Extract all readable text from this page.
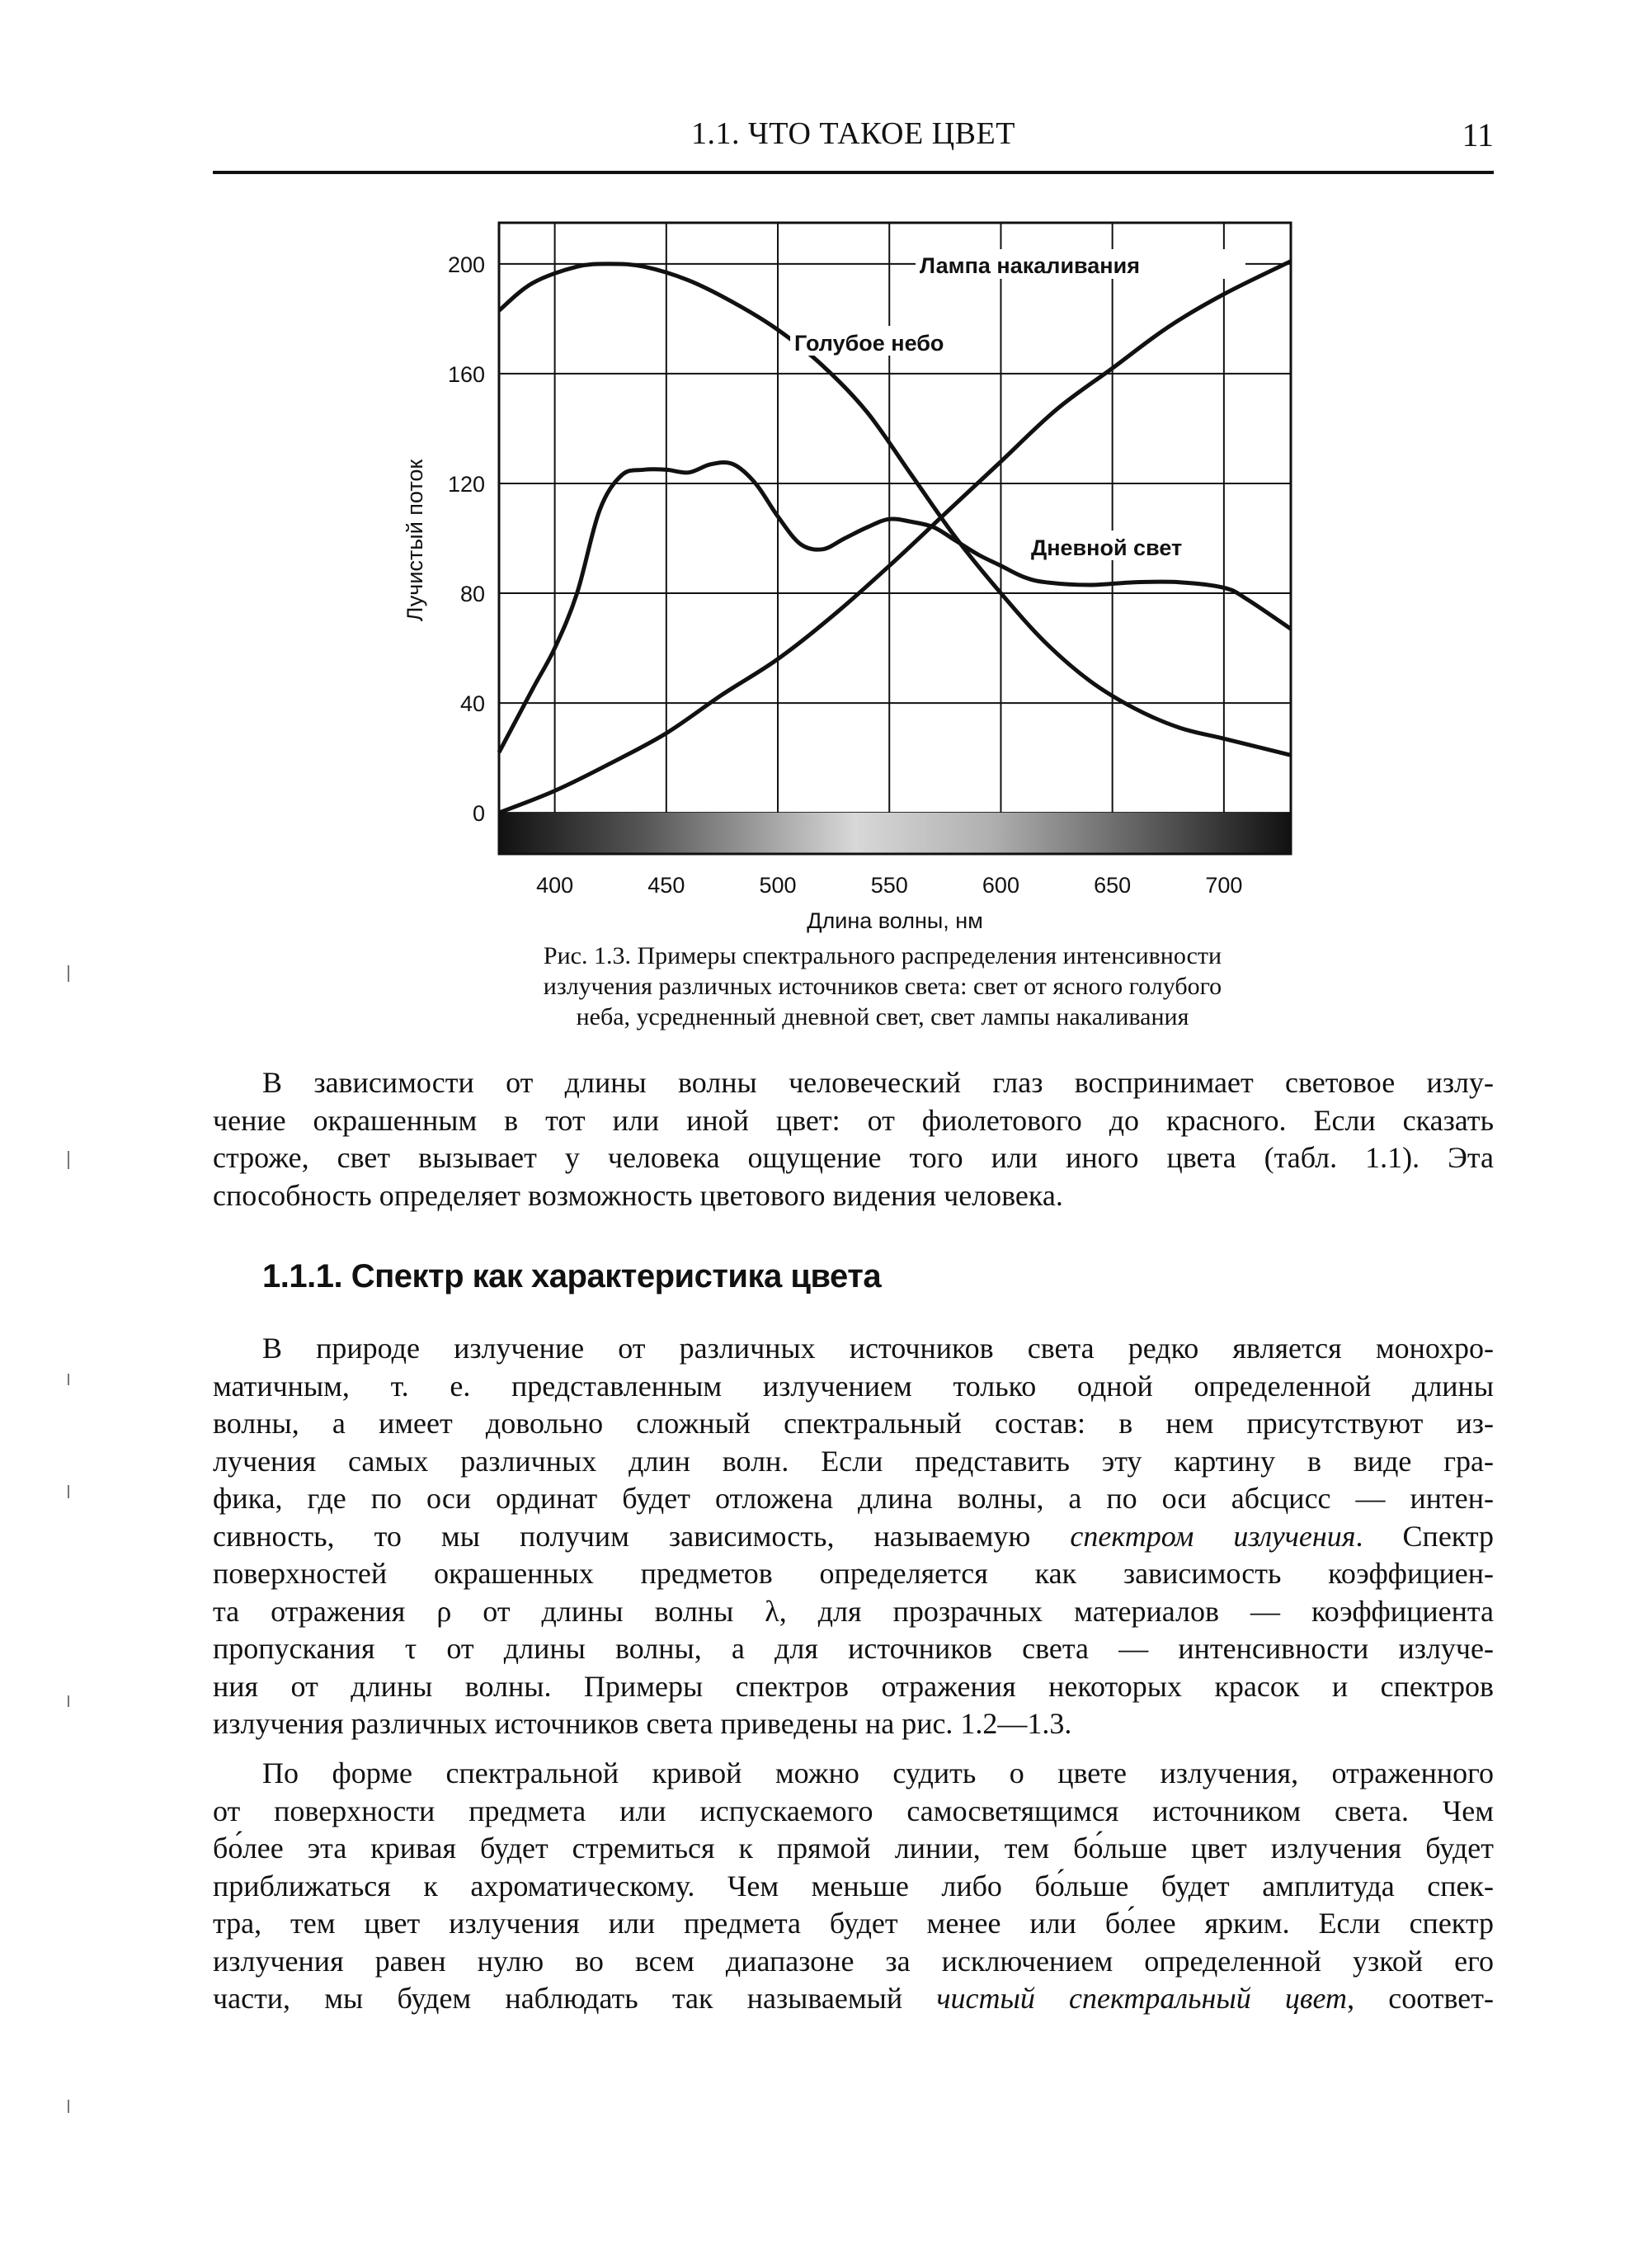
1.1. ЧТО ТАКОЕ ЦВЕТ	11
400	450	500	550	600	650	700
0
40
80
120
160
200
Длина волны, нм
Лучистый поток
Лампа накаливания
Голубое небо
Дневной свет
Рис. 1.3. Примеры спектрального распределения интенсивности
излучения различных источников света: свет от ясного голубого
неба, усредненный дневной свет, свет лампы накаливания
В зависимости от длины волны человеческий глаз воспринимает световое излу-
чение окрашенным в тот или иной цвет: от фиолетового до красного. Если сказать
строже, свет вызывает у человека ощущение того или иного цвета (табл. 1.1). Эта
способность определяет возможность цветового видения человека.
1.1.1. Спектр как характеристика цвета
В природе излучение от различных источников света редко является монохро-
матичным, т. е. представленным излучением только одной определенной длины
волны, а имеет довольно сложный спектральный состав: в нем присутствуют из-
лучения самых различных длин волн. Если представить эту картину в виде гра-
фика, где по оси ординат будет отложена длина волны, а по оси абсцисс — интен-
сивность, то мы получим зависимость, называемую спектром излучения. Спектр
поверхностей окрашенных предметов определяется как зависимость коэффициен-
та отражения ρ от длины волны λ, для прозрачных материалов — коэффициента
пропускания τ от длины волны, а для источников света — интенсивности излуче-
ния от длины волны. Примеры спектров отражения некоторых красок и спектров
излучения различных источников света приведены на рис. 1.2—1.3.
По форме спектральной кривой можно судить о цвете излучения, отраженного
от поверхности предмета или испускаемого самосветящимся источником света. Чем
бо́лее эта кривая будет стремиться к прямой линии, тем бо́льше цвет излучения будет
приближаться к ахроматическому. Чем меньше либо бо́льше будет амплитуда спек-
тра, тем цвет излучения или предмета будет менее или бо́лее ярким. Если спектр
излучения равен нулю во всем диапазоне за исключением определенной узкой его
части, мы будем наблюдать так называемый чистый спектральный цвет, соответ-
